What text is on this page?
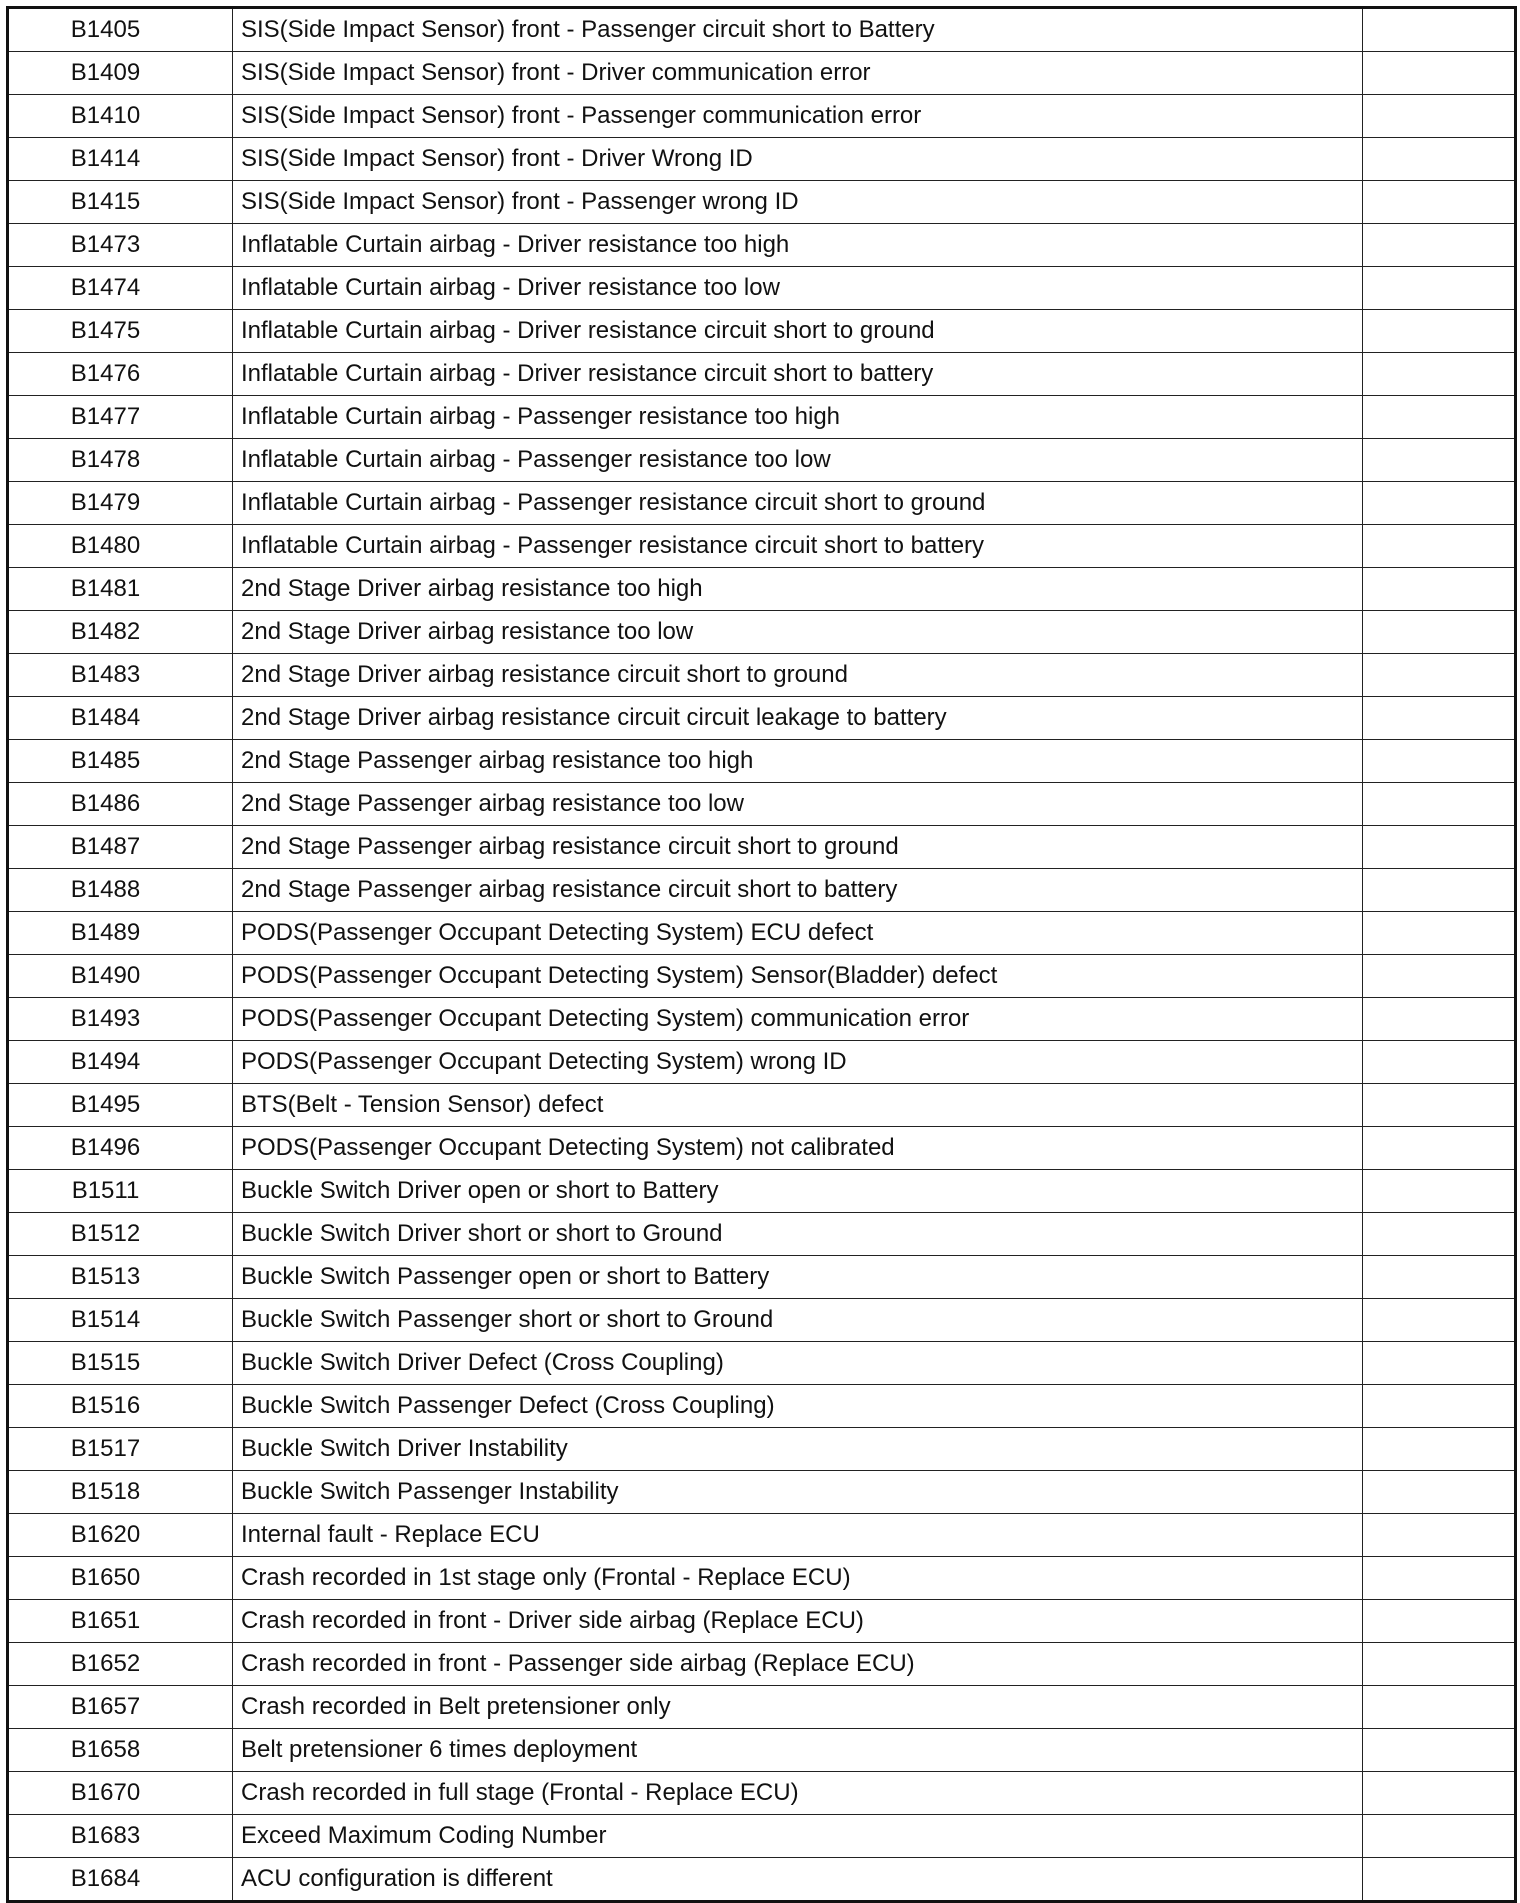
B1405	SIS(Side Impact Sensor) front - Passenger circuit short to Battery	
B1409	SIS(Side Impact Sensor) front - Driver communication error	
B1410	SIS(Side Impact Sensor) front - Passenger communication error	
B1414	SIS(Side Impact Sensor) front - Driver Wrong ID	
B1415	SIS(Side Impact Sensor) front - Passenger wrong ID	
B1473	Inflatable Curtain airbag - Driver resistance too high	
B1474	Inflatable Curtain airbag - Driver resistance too low	
B1475	Inflatable Curtain airbag - Driver resistance circuit short to ground	
B1476	Inflatable Curtain airbag - Driver resistance circuit short to battery	
B1477	Inflatable Curtain airbag - Passenger resistance too high	
B1478	Inflatable Curtain airbag - Passenger resistance too low	
B1479	Inflatable Curtain airbag - Passenger resistance circuit short to ground	
B1480	Inflatable Curtain airbag - Passenger resistance circuit short to battery	
B1481	2nd Stage Driver airbag resistance too high	
B1482	2nd Stage Driver airbag resistance too low	
B1483	2nd Stage Driver airbag resistance circuit short to ground	
B1484	2nd Stage Driver airbag resistance circuit circuit leakage to battery	
B1485	2nd Stage Passenger airbag resistance too high	
B1486	2nd Stage Passenger airbag resistance too low	
B1487	2nd Stage Passenger airbag resistance circuit short to ground	
B1488	2nd Stage Passenger airbag resistance circuit short to battery	
B1489	PODS(Passenger Occupant Detecting System) ECU defect	
B1490	PODS(Passenger Occupant Detecting System) Sensor(Bladder) defect	
B1493	PODS(Passenger Occupant Detecting System) communication error	
B1494	PODS(Passenger Occupant Detecting System) wrong ID	
B1495	BTS(Belt - Tension Sensor) defect	
B1496	PODS(Passenger Occupant Detecting System) not calibrated	
B1511	Buckle Switch Driver open or short to Battery	
B1512	Buckle Switch Driver short or short to Ground	
B1513	Buckle Switch Passenger open or short to Battery	
B1514	Buckle Switch Passenger short or short to Ground	
B1515	Buckle Switch Driver Defect (Cross Coupling)	
B1516	Buckle Switch Passenger Defect (Cross Coupling)	
B1517	Buckle Switch Driver Instability	
B1518	Buckle Switch Passenger Instability	
B1620	Internal fault - Replace ECU	
B1650	Crash recorded in 1st stage only (Frontal - Replace ECU)	
B1651	Crash recorded in front - Driver side airbag (Replace ECU)	
B1652	Crash recorded in front - Passenger side airbag (Replace ECU)	
B1657	Crash recorded in Belt pretensioner only	
B1658	Belt pretensioner 6 times deployment	
B1670	Crash recorded in full stage (Frontal - Replace ECU)	
B1683	Exceed Maximum Coding Number	
B1684	ACU configuration is different	
